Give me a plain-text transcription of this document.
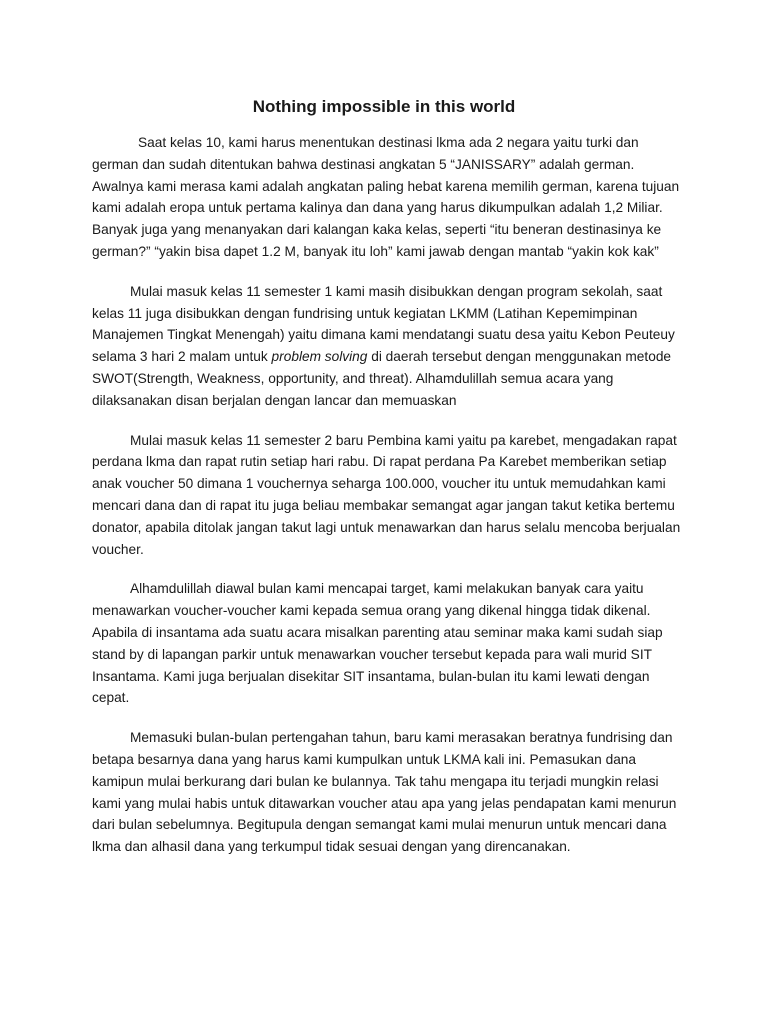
Nothing impossible in this world

Saat kelas 10, kami harus menentukan destinasi lkma ada 2 negara yaitu turki dan german dan sudah ditentukan bahwa destinasi angkatan 5 “JANISSARY” adalah german. Awalnya kami merasa kami adalah angkatan paling hebat karena memilih german, karena tujuan kami adalah eropa untuk pertama kalinya dan dana yang harus dikumpulkan adalah 1,2 Miliar. Banyak juga yang menanyakan dari kalangan kaka kelas, seperti “itu beneran destinasinya ke german?” “yakin bisa dapet 1.2 M, banyak itu loh” kami jawab dengan mantab “yakin kok kak”

Mulai masuk kelas 11 semester 1 kami masih disibukkan dengan program sekolah, saat kelas 11 juga disibukkan dengan fundrising untuk kegiatan LKMM (Latihan Kepemimpinan Manajemen Tingkat Menengah) yaitu dimana kami mendatangi suatu desa yaitu Kebon Peuteuy selama 3 hari 2 malam untuk problem solving di daerah tersebut dengan menggunakan metode SWOT(Strength, Weakness, opportunity, and threat). Alhamdulillah semua acara yang dilaksanakan disan berjalan dengan lancar dan memuaskan

Mulai masuk kelas 11 semester 2 baru Pembina kami yaitu pa karebet, mengadakan rapat perdana lkma dan rapat rutin setiap hari rabu. Di rapat perdana Pa Karebet memberikan setiap anak voucher 50 dimana 1 vouchernya seharga 100.000, voucher itu untuk memudahkan kami mencari dana dan di rapat itu juga beliau membakar semangat agar jangan takut ketika bertemu donator, apabila ditolak jangan takut lagi untuk menawarkan dan harus selalu mencoba berjualan voucher.

Alhamdulillah diawal bulan kami mencapai target, kami melakukan banyak cara yaitu menawarkan voucher-voucher kami kepada semua orang yang dikenal hingga tidak dikenal. Apabila di insantama ada suatu acara misalkan parenting atau seminar maka kami sudah siap stand by di lapangan parkir untuk menawarkan voucher tersebut kepada para wali murid SIT Insantama. Kami juga berjualan disekitar SIT insantama, bulan-bulan itu kami lewati dengan cepat.

Memasuki bulan-bulan pertengahan tahun, baru kami merasakan beratnya fundrising dan betapa besarnya dana yang harus kami kumpulkan untuk LKMA kali ini. Pemasukan dana kamipun mulai berkurang dari bulan ke bulannya. Tak tahu mengapa itu terjadi mungkin relasi kami yang mulai habis untuk ditawarkan voucher atau apa yang jelas pendapatan kami menurun dari bulan sebelumnya. Begitupula dengan semangat kami mulai menurun untuk mencari dana lkma dan alhasil dana yang terkumpul tidak sesuai dengan yang direncanakan.
